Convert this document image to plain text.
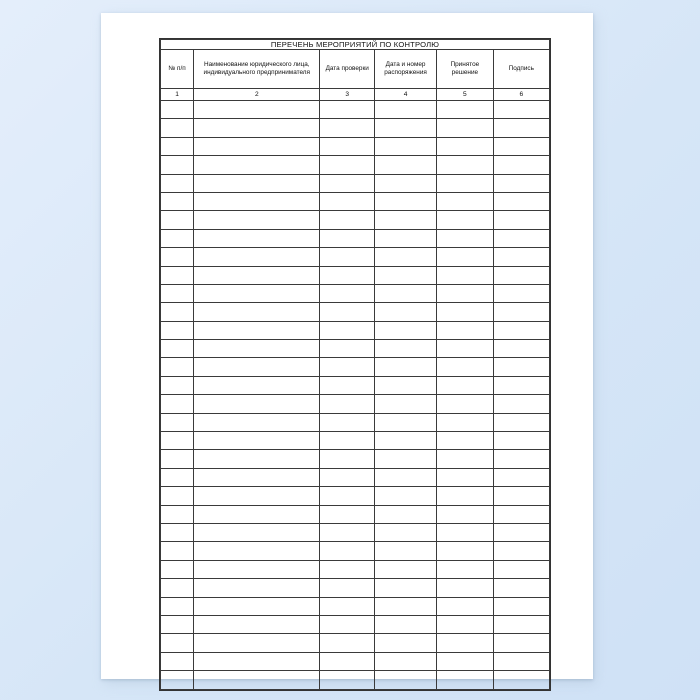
ПЕРЕЧЕНЬ МЕРОПРИЯТИЙ ПО КОНТРОЛЮ					
№ п/п	Наименование юридического лица, индивидуального предпринимателя	Дата проверки	Дата и номер распоряжения	Принятое решение	Подпись
1	2	3	4	5	6
